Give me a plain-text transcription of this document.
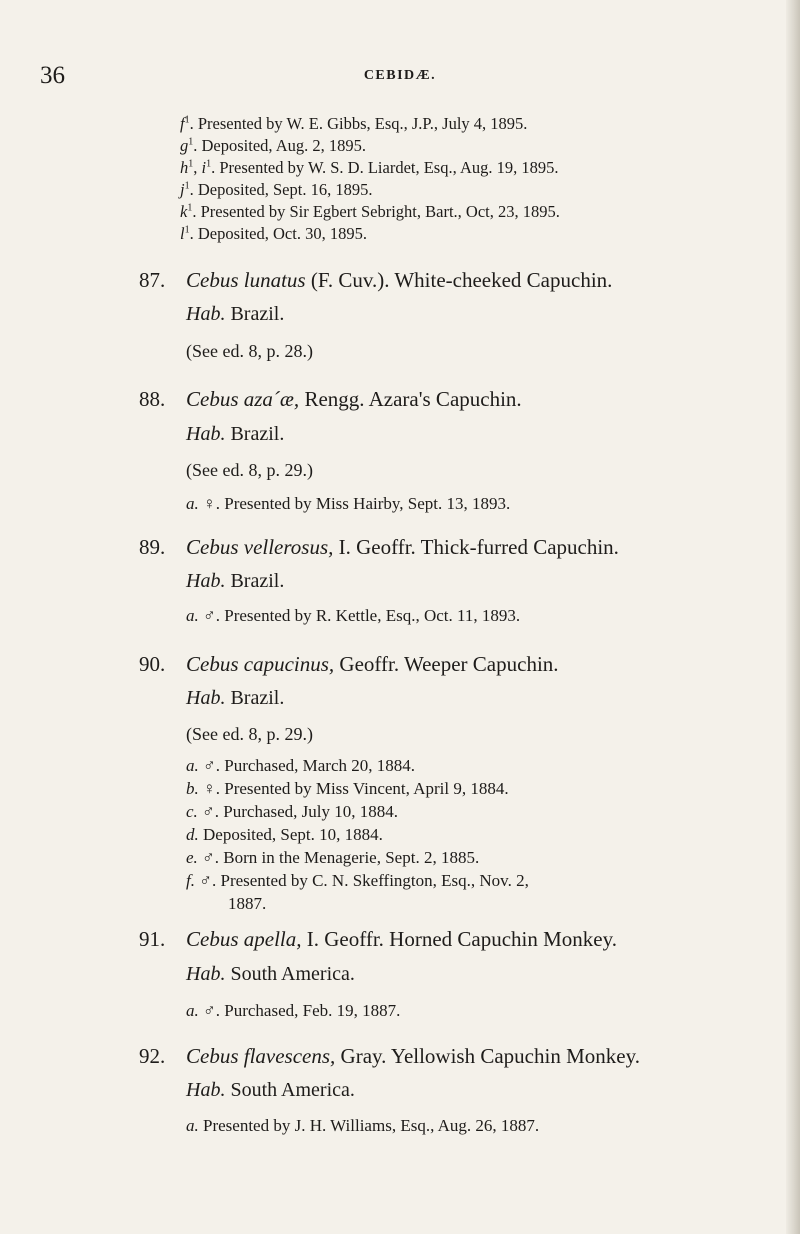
36	CEBIDÆ.
$f^1$. Presented by W. E. Gibbs, Esq., J.P., July 4, 1895.
$g^1$. Deposited, Aug. 2, 1895.
$h^1$, $i^1$. Presented by W. S. D. Liardet, Esq., Aug. 19, 1895.
$j^1$. Deposited, Sept. 16, 1895.
$k^1$. Presented by Sir Egbert Sebright, Bart., Oct, 23, 1895.
$l^1$. Deposited, Oct. 30, 1895.
87. Cebus lunatus (F. Cuv.). White-cheeked Capuchin.
Hab. Brazil.
(See ed. 8, p. 28.)
88. Cebus aza´æ, Rengg. Azara's Capuchin.
Hab. Brazil.
(See ed. 8, p. 29.)
a. ♀. Presented by Miss Hairby, Sept. 13, 1893.
89. Cebus vellerosus, I. Geoffr. Thick-furred Capuchin.
Hab. Brazil.
a. ♂. Presented by R. Kettle, Esq., Oct. 11, 1893.
90. Cebus capucinus, Geoffr. Weeper Capuchin.
Hab. Brazil.
(See ed. 8, p. 29.)
a. ♂. Purchased, March 20, 1884.
b. ♀. Presented by Miss Vincent, April 9, 1884.
c. ♂. Purchased, July 10, 1884.
d. Deposited, Sept. 10, 1884.
e. ♂. Born in the Menagerie, Sept. 2, 1885.
f. ♂. Presented by C. N. Skeffington, Esq., Nov. 2,
1887.
91. Cebus apella, I. Geoffr. Horned Capuchin Monkey.
Hab. South America.
a. ♂. Purchased, Feb. 19, 1887.
92. Cebus flavescens, Gray. Yellowish Capuchin Monkey.
Hab. South America.
a. Presented by J. H. Williams, Esq., Aug. 26, 1887.
